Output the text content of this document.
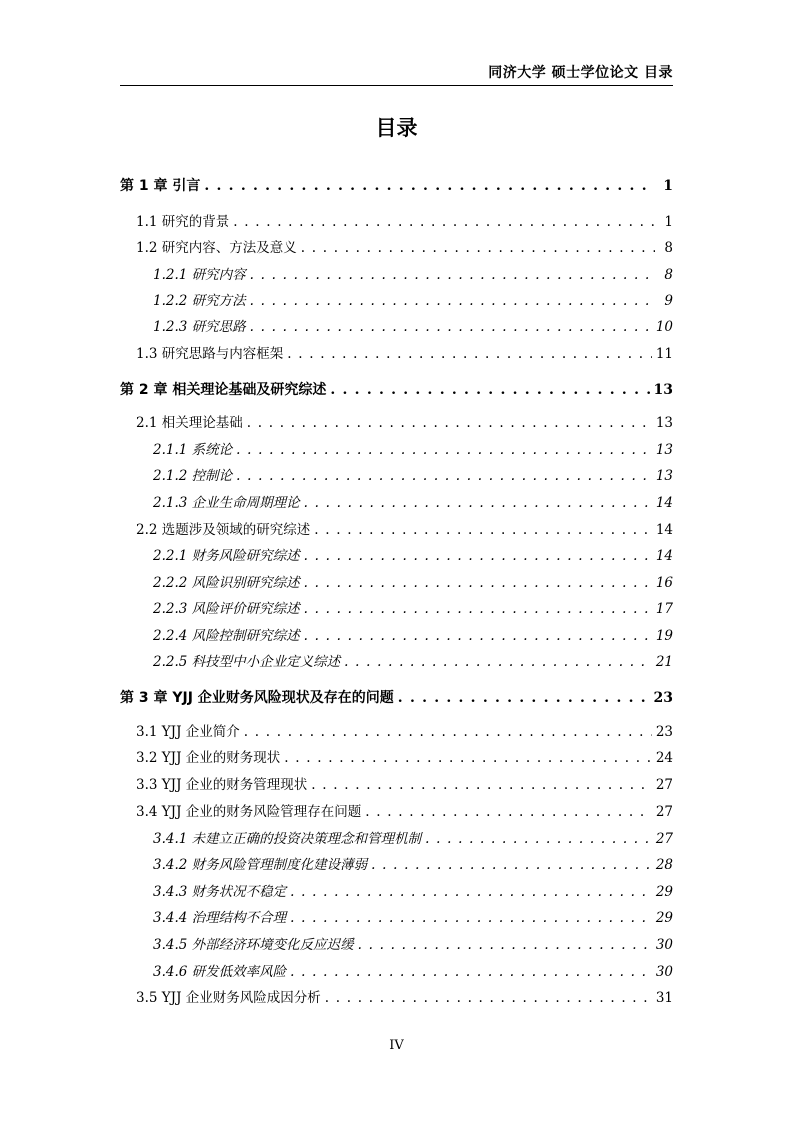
同济大学 硕士学位论文 目录
目录
第 1 章 引言 . . .	1
1.1 研究的背景 . . .	1
1.2 研究内容、方法及意义 . . .	8
1.2.1 研究内容 . . .	8
1.2.2 研究方法 . . .	9
1.2.3 研究思路 . . .	10
1.3 研究思路与内容框架 . . .	11
第 2 章 相关理论基础及研究综述 . . .	13
2.1 相关理论基础 . . .	13
2.1.1 系统论 . . .	13
2.1.2 控制论 . . .	13
2.1.3 企业生命周期理论 . . .	14
2.2 选题涉及领域的研究综述 . . .	14
2.2.1 财务风险研究综述 . . .	14
2.2.2 风险识别研究综述 . . .	16
2.2.3 风险评价研究综述 . . .	17
2.2.4 风险控制研究综述 . . .	19
2.2.5 科技型中小企业定义综述 . . .	21
第 3 章 YJJ 企业财务风险现状及存在的问题 . . .	23
3.1 YJJ 企业简介 . . .	23
3.2 YJJ 企业的财务现状 . . .	24
3.3 YJJ 企业的财务管理现状 . . .	27
3.4 YJJ 企业的财务风险管理存在问题 . . .	27
3.4.1 未建立正确的投资决策理念和管理机制 . . .	27
3.4.2 财务风险管理制度化建设薄弱 . . .	28
3.4.3 财务状况不稳定 . . .	29
3.4.4 治理结构不合理 . . .	29
3.4.5 外部经济环境变化反应迟缓 . . .	30
3.4.6 研发低效率风险 . . .	30
3.5 YJJ 企业财务风险成因分析 . . .	31
IV
